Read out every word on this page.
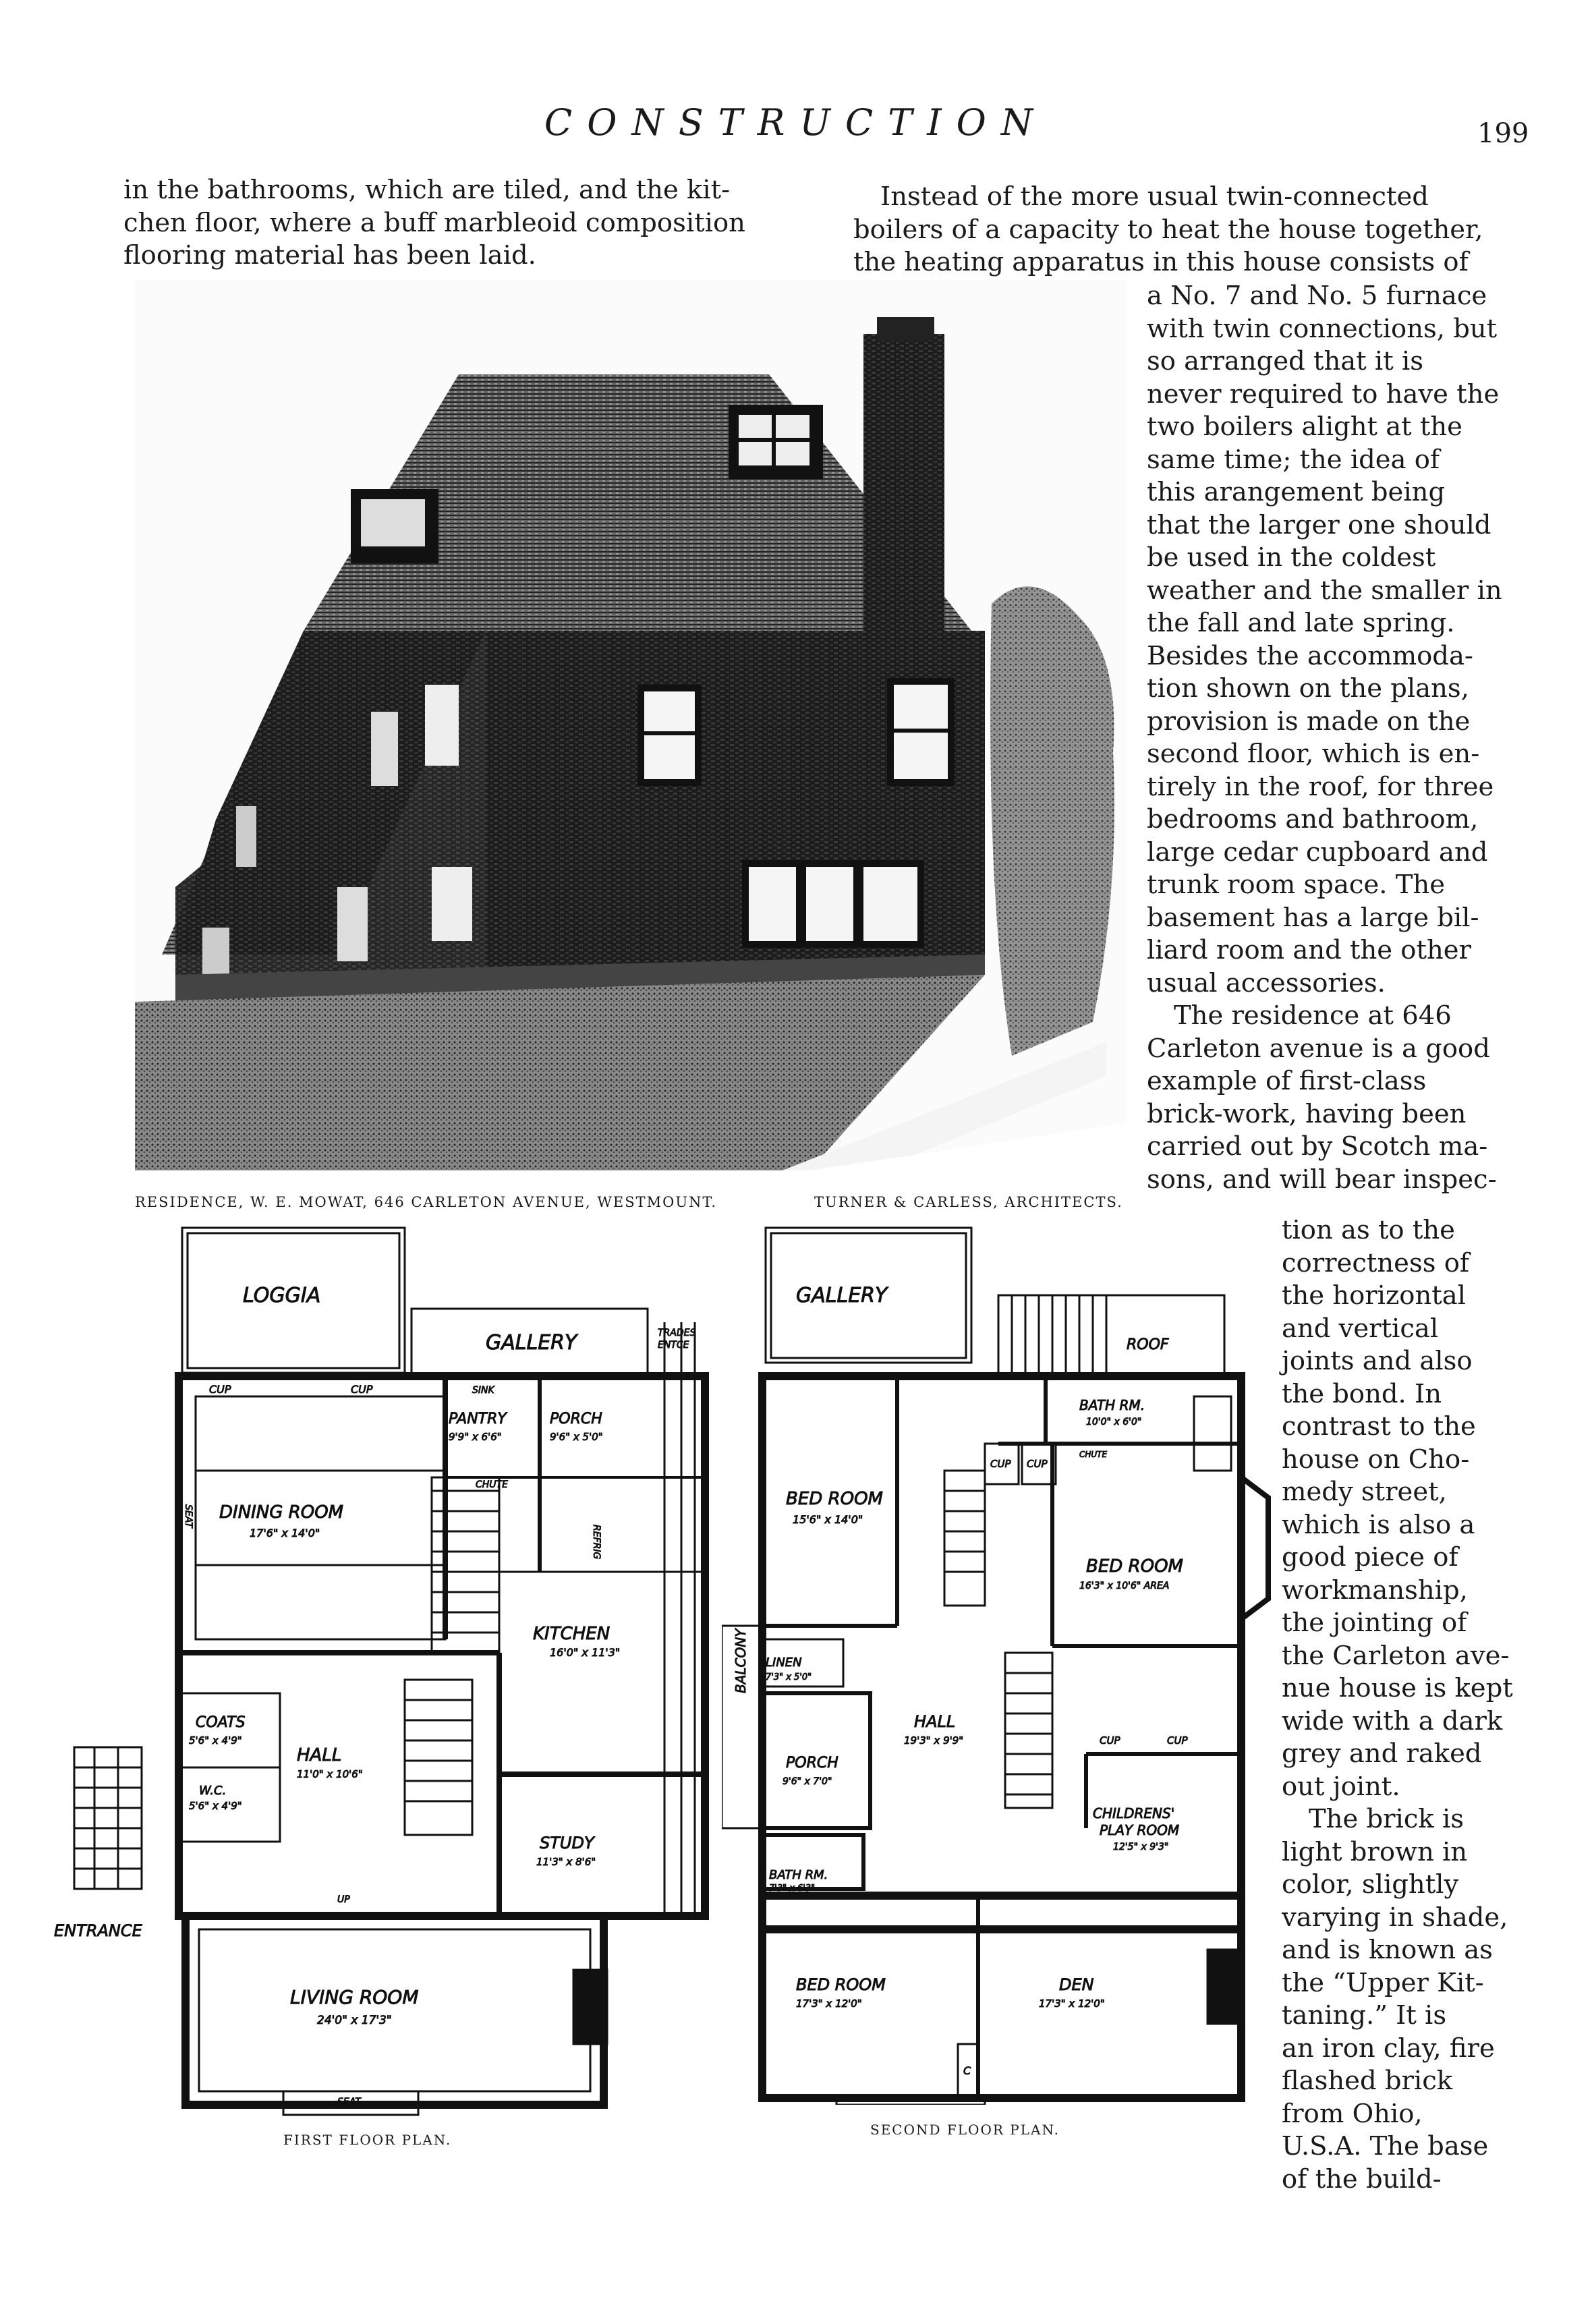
CONSTRUCTION	199

in the bathrooms, which are tiled, and the kit-

chen floor, where a buff marbleoid composition

flooring material has been laid.

Instead of the more usual twin-connected

boilers of a capacity to heat the house together,

the heating apparatus in this house consists of

a No. 7 and No. 5 furnace

with twin connections, but

so arranged that it is

never required to have the

two boilers alight at the

same time; the idea of

this arangement being

that the larger one should

be used in the coldest

weather and the smaller in

the fall and late spring.

Besides the accommoda-

tion shown on the plans,

provision is made on the

second floor, which is en-

tirely in the roof, for three

bedrooms and bathroom,

large cedar cupboard and

trunk room space. The

basement has a large bil-

liard room and the other

usual accessories.

The residence at 646

Carleton avenue is a good

example of first-class

brick-work, having been

carried out by Scotch ma-

sons, and will bear inspec-

tion as to the

correctness of

the horizontal

and vertical

joints and also

the bond. In

contrast to the

house on Cho-

medy street,

which is also a

good piece of

workmanship,

the jointing of

the Carleton ave-

nue house is kept

wide with a dark

grey and raked

out joint.

The brick is

light brown in

color, slightly

varying in shade,

and is known as

the “Upper Kit-

taning.” It is

an iron clay, fire

flashed brick

from Ohio,

U.S.A. The base

of the build-

RESIDENCE, W. E. MOWAT, 646 CARLETON AVENUE, WESTMOUNT.	TURNER & CARLESS, ARCHITECTS.
LOGGIA
GALLERY	TRADES
ENTCE
CUP	CUP	SINK
PANTRY
9'9" x 6'6"
PORCH
9'6" x 5'0"
CHUTE
REFRIG
SEAT DINING ROOM
17'6" x 14'0"
KITCHEN
16'0" x 11'3"
COATS
5'6" x 4'9"
HALL
11'0" x 10'6"
W.C.
5'6" x 4'9"
STUDY
11'3" x 8'6"
ENTRANCE
LIVING ROOM
24'0" x 17'3"
UP
SEAT
FIRST FLOOR PLAN.
GALLERY
ROOF
BATH RM.
10'0" x 6'0"
CUP CUP
CHUTE
BED ROOM
15'6" x 14'0"
BED ROOM
16'3" x 10'6" AREA
LINEN
7'3" x 5'0"
HALL
19'3" x 9'9"
BALCONY
PORCH
9'6" x 7'0"
CUP	CUP
CHILDRENS'
PLAY ROOM
12'5" x 9'3"
BATH RM.
7'3" x 6'3"
BED ROOM
17'3" x 12'0"
DEN
17'3" x 12'0"
C
SECOND FLOOR PLAN.
